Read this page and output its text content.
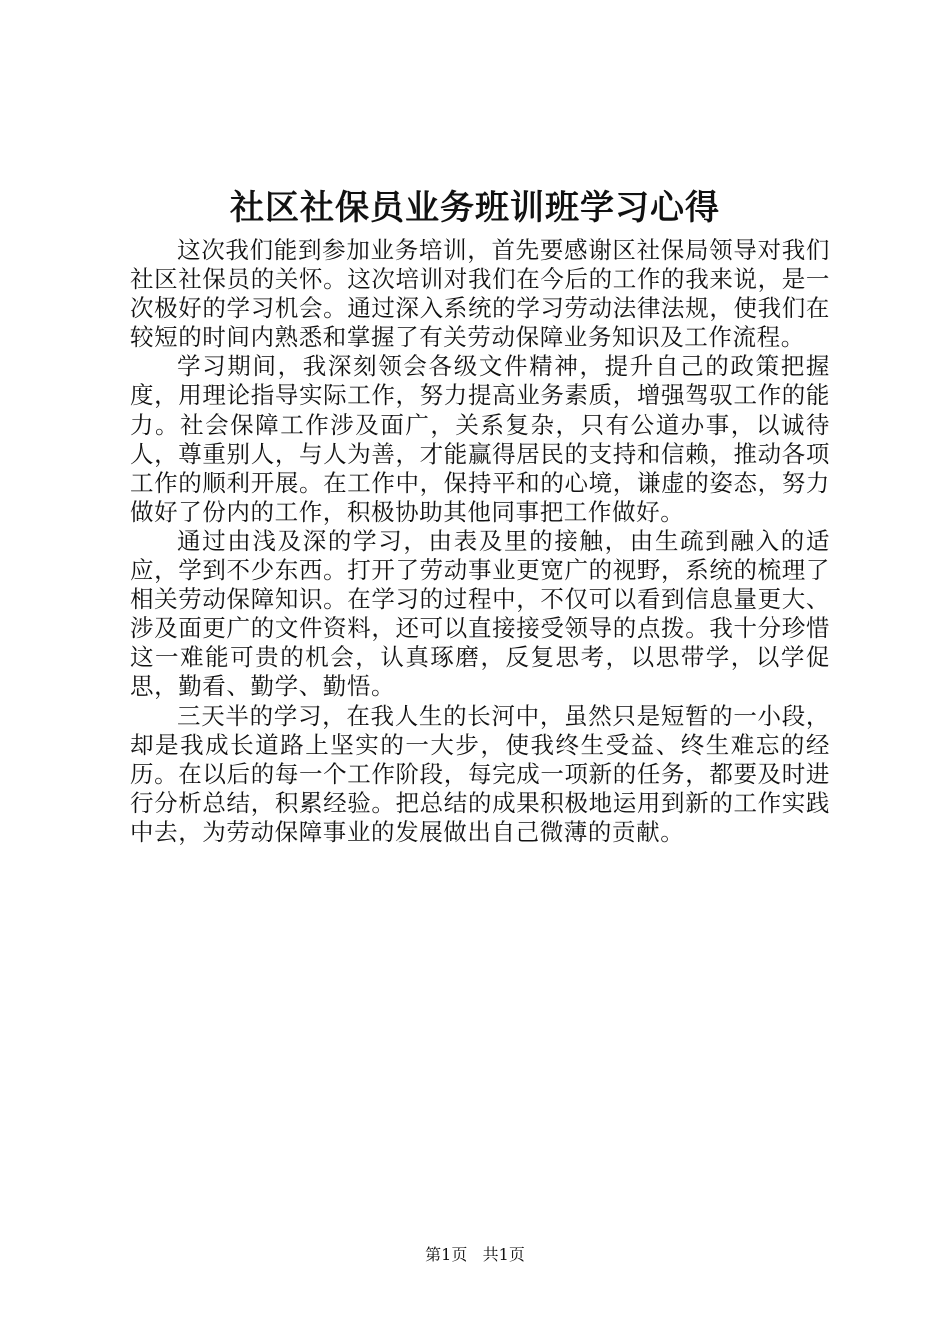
社区社保员业务班训班学习心得

这次我们能到参加业务培训，首先要感谢区社保局领导对我们社区社保员的关怀。这次培训对我们在今后的工作的我来说，是一次极好的学习机会。通过深入系统的学习劳动法律法规，使我们在较短的时间内熟悉和掌握了有关劳动保障业务知识及工作流程。

学习期间，我深刻领会各级文件精神，提升自己的政策把握度，用理论指导实际工作，努力提高业务素质，增强驾驭工作的能力。社会保障工作涉及面广，关系复杂，只有公道办事，以诚待人，尊重别人，与人为善，才能赢得居民的支持和信赖，推动各项工作的顺利开展。在工作中，保持平和的心境，谦虚的姿态，努力做好了份内的工作，积极协助其他同事把工作做好。

通过由浅及深的学习，由表及里的接触，由生疏到融入的适应，学到不少东西。打开了劳动事业更宽广的视野，系统的梳理了相关劳动保障知识。在学习的过程中，不仅可以看到信息量更大、涉及面更广的文件资料，还可以直接接受领导的点拨。我十分珍惜这一难能可贵的机会，认真琢磨，反复思考，以思带学，以学促思，勤看、勤学、勤悟。

三天半的学习，在我人生的长河中，虽然只是短暂的一小段，却是我成长道路上坚实的一大步，使我终生受益、终生难忘的经历。在以后的每一个工作阶段，每完成一项新的任务，都要及时进行分析总结，积累经验。把总结的成果积极地运用到新的工作实践中去，为劳动保障事业的发展做出自己微薄的贡献。

第1页 共1页
